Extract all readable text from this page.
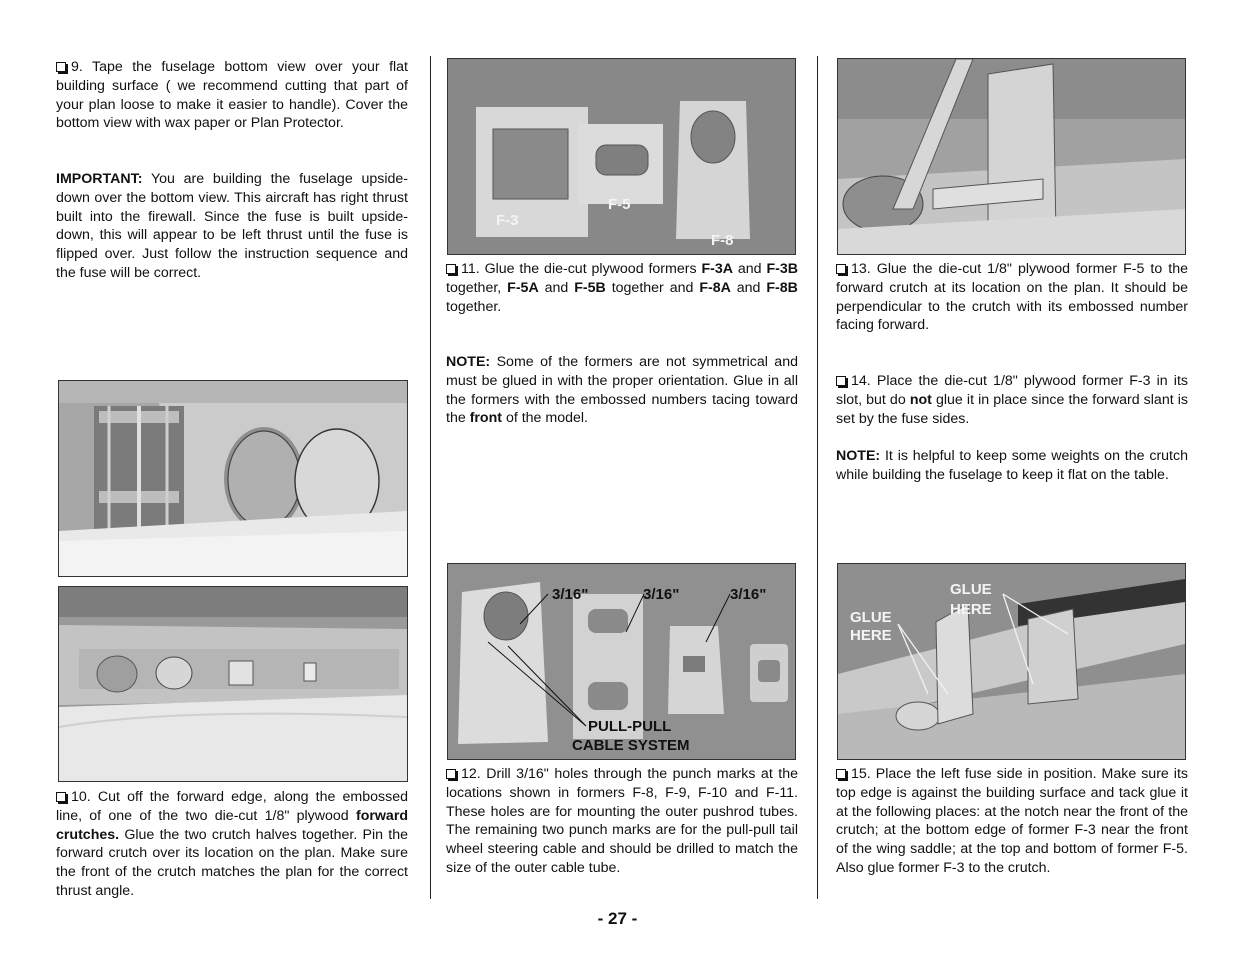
9. Tape the fuselage bottom view over your flat building surface ( we recommend cutting that part of your plan loose to make it easier to handle). Cover the bottom view with wax paper or Plan Protector.

IMPORTANT: You are building the fuselage upside-down over the bottom view. This aircraft has right thrust built into the firewall. Since the fuse is built upside-down, this will appear to be left thrust until the fuse is flipped over. Just follow the instruction sequence and the fuse will be correct.

10. Cut off the forward edge, along the embossed line, of one of the two die-cut 1/8" plywood forward crutches. Glue the two crutch halves together. Pin the forward crutch over its location on the plan. Make sure the front of the crutch matches the plan for the correct thrust angle.

F-3
F-5
F-8

11. Glue the die-cut plywood formers F-3A and F-3B together, F-5A and F-5B together and F-8A and F-8B together.

NOTE: Some of the formers are not symmetrical and must be glued in with the proper orientation. Glue in all the formers with the embossed numbers tacing toward the front of the model.

3/16"	3/16"	3/16"
PULL-PULL
CABLE SYSTEM

12. Drill 3/16" holes through the punch marks at the locations shown in formers F-8, F-9, F-10 and F-11. These holes are for mounting the outer pushrod tubes. The remaining two punch marks are for the pull-pull tail wheel steering cable and should be drilled to match the size of the outer cable tube.

13. Glue the die-cut 1/8" plywood former F-5 to the forward crutch at its location on the plan. It should be perpendicular to the crutch with its embossed number facing forward.

14. Place the die-cut 1/8" plywood former F-3 in its slot, but do not glue it in place since the forward slant is set by the fuse sides.

NOTE: It is helpful to keep some weights on the crutch while building the fuselage to keep it flat on the table.

GLUE
HERE
GLUE
HERE

15. Place the left fuse side in position. Make sure its top edge is against the building surface and tack glue it at the following places: at the notch near the front of the crutch; at the bottom edge of former F-3 near the front of the wing saddle; at the top and bottom of former F-5. Also glue former F-3 to the crutch.

- 27 -
